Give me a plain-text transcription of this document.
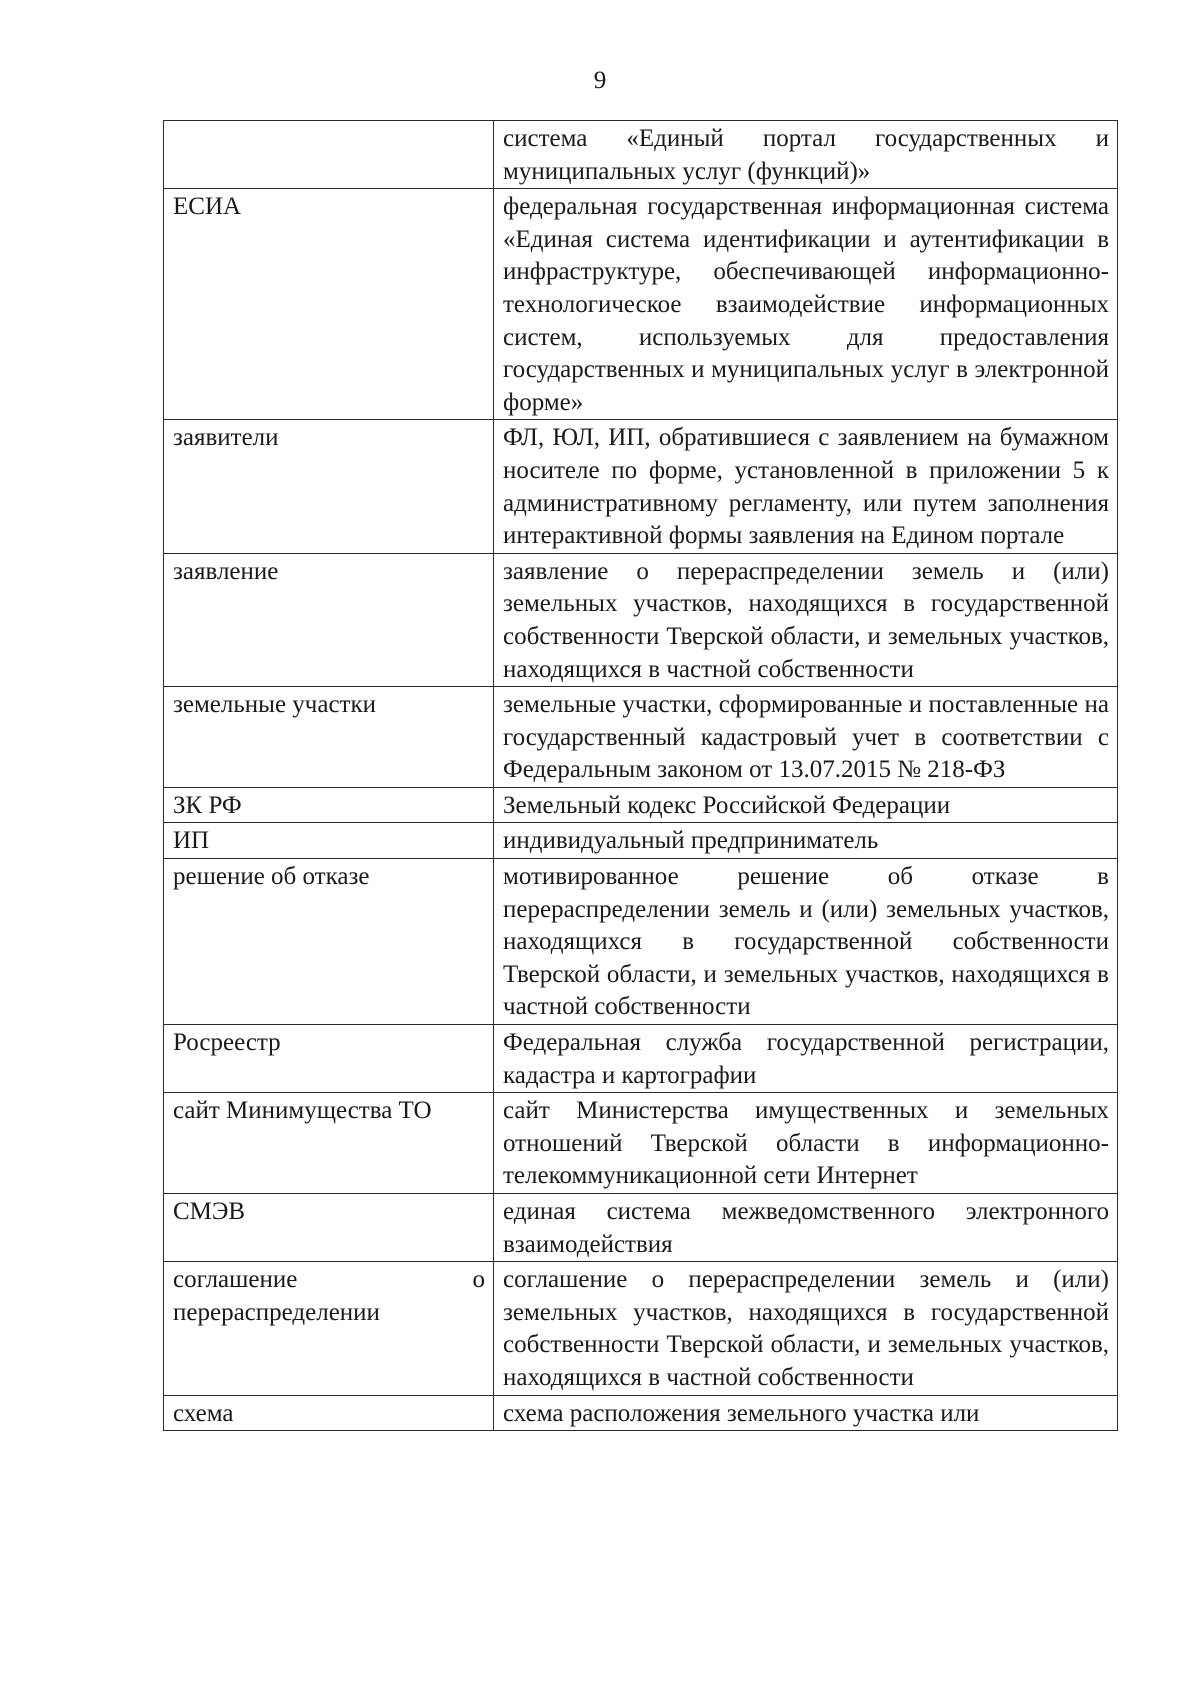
9
	система «Единый портал государственных и муниципальных услуг (функций)»
ЕСИА	федеральная государственная информационная система «Единая система идентификации и аутентификации в инфраструктуре, обеспечивающей информационно-технологическое взаимодействие информационных систем, используемых для предоставления государственных и муниципальных услуг в электронной форме»
заявители	ФЛ, ЮЛ, ИП, обратившиеся с заявлением на бумажном носителе по форме, установленной в приложении 5 к административному регламенту, или путем заполнения интерактивной формы заявления на Едином портале
заявление	заявление о перераспределении земель и (или) земельных участков, находящихся в государственной собственности Тверской области, и земельных участков, находящихся в частной собственности
земельные участки	земельные участки, сформированные и поставленные на государственный кадастровый учет в соответствии с Федеральным законом от 13.07.2015 № 218-ФЗ
ЗК РФ	Земельный кодекс Российской Федерации
ИП	индивидуальный предприниматель
решение об отказе	мотивированное решение об отказе в перераспределении земель и (или) земельных участков, находящихся в государственной собственности Тверской области, и земельных участков, находящихся в частной собственности
Росреестр	Федеральная служба государственной регистрации, кадастра и картографии
сайт Минимущества ТО	сайт Министерства имущественных и земельных отношений Тверской области в информационно-телекоммуникационной сети Интернет
СМЭВ	единая система межведомственного электронного взаимодействия
соглашение о перераспределении	соглашение о перераспределении земель и (или) земельных участков, находящихся в государственной собственности Тверской области, и земельных участков, находящихся в частной собственности
схема	схема расположения земельного участка или
